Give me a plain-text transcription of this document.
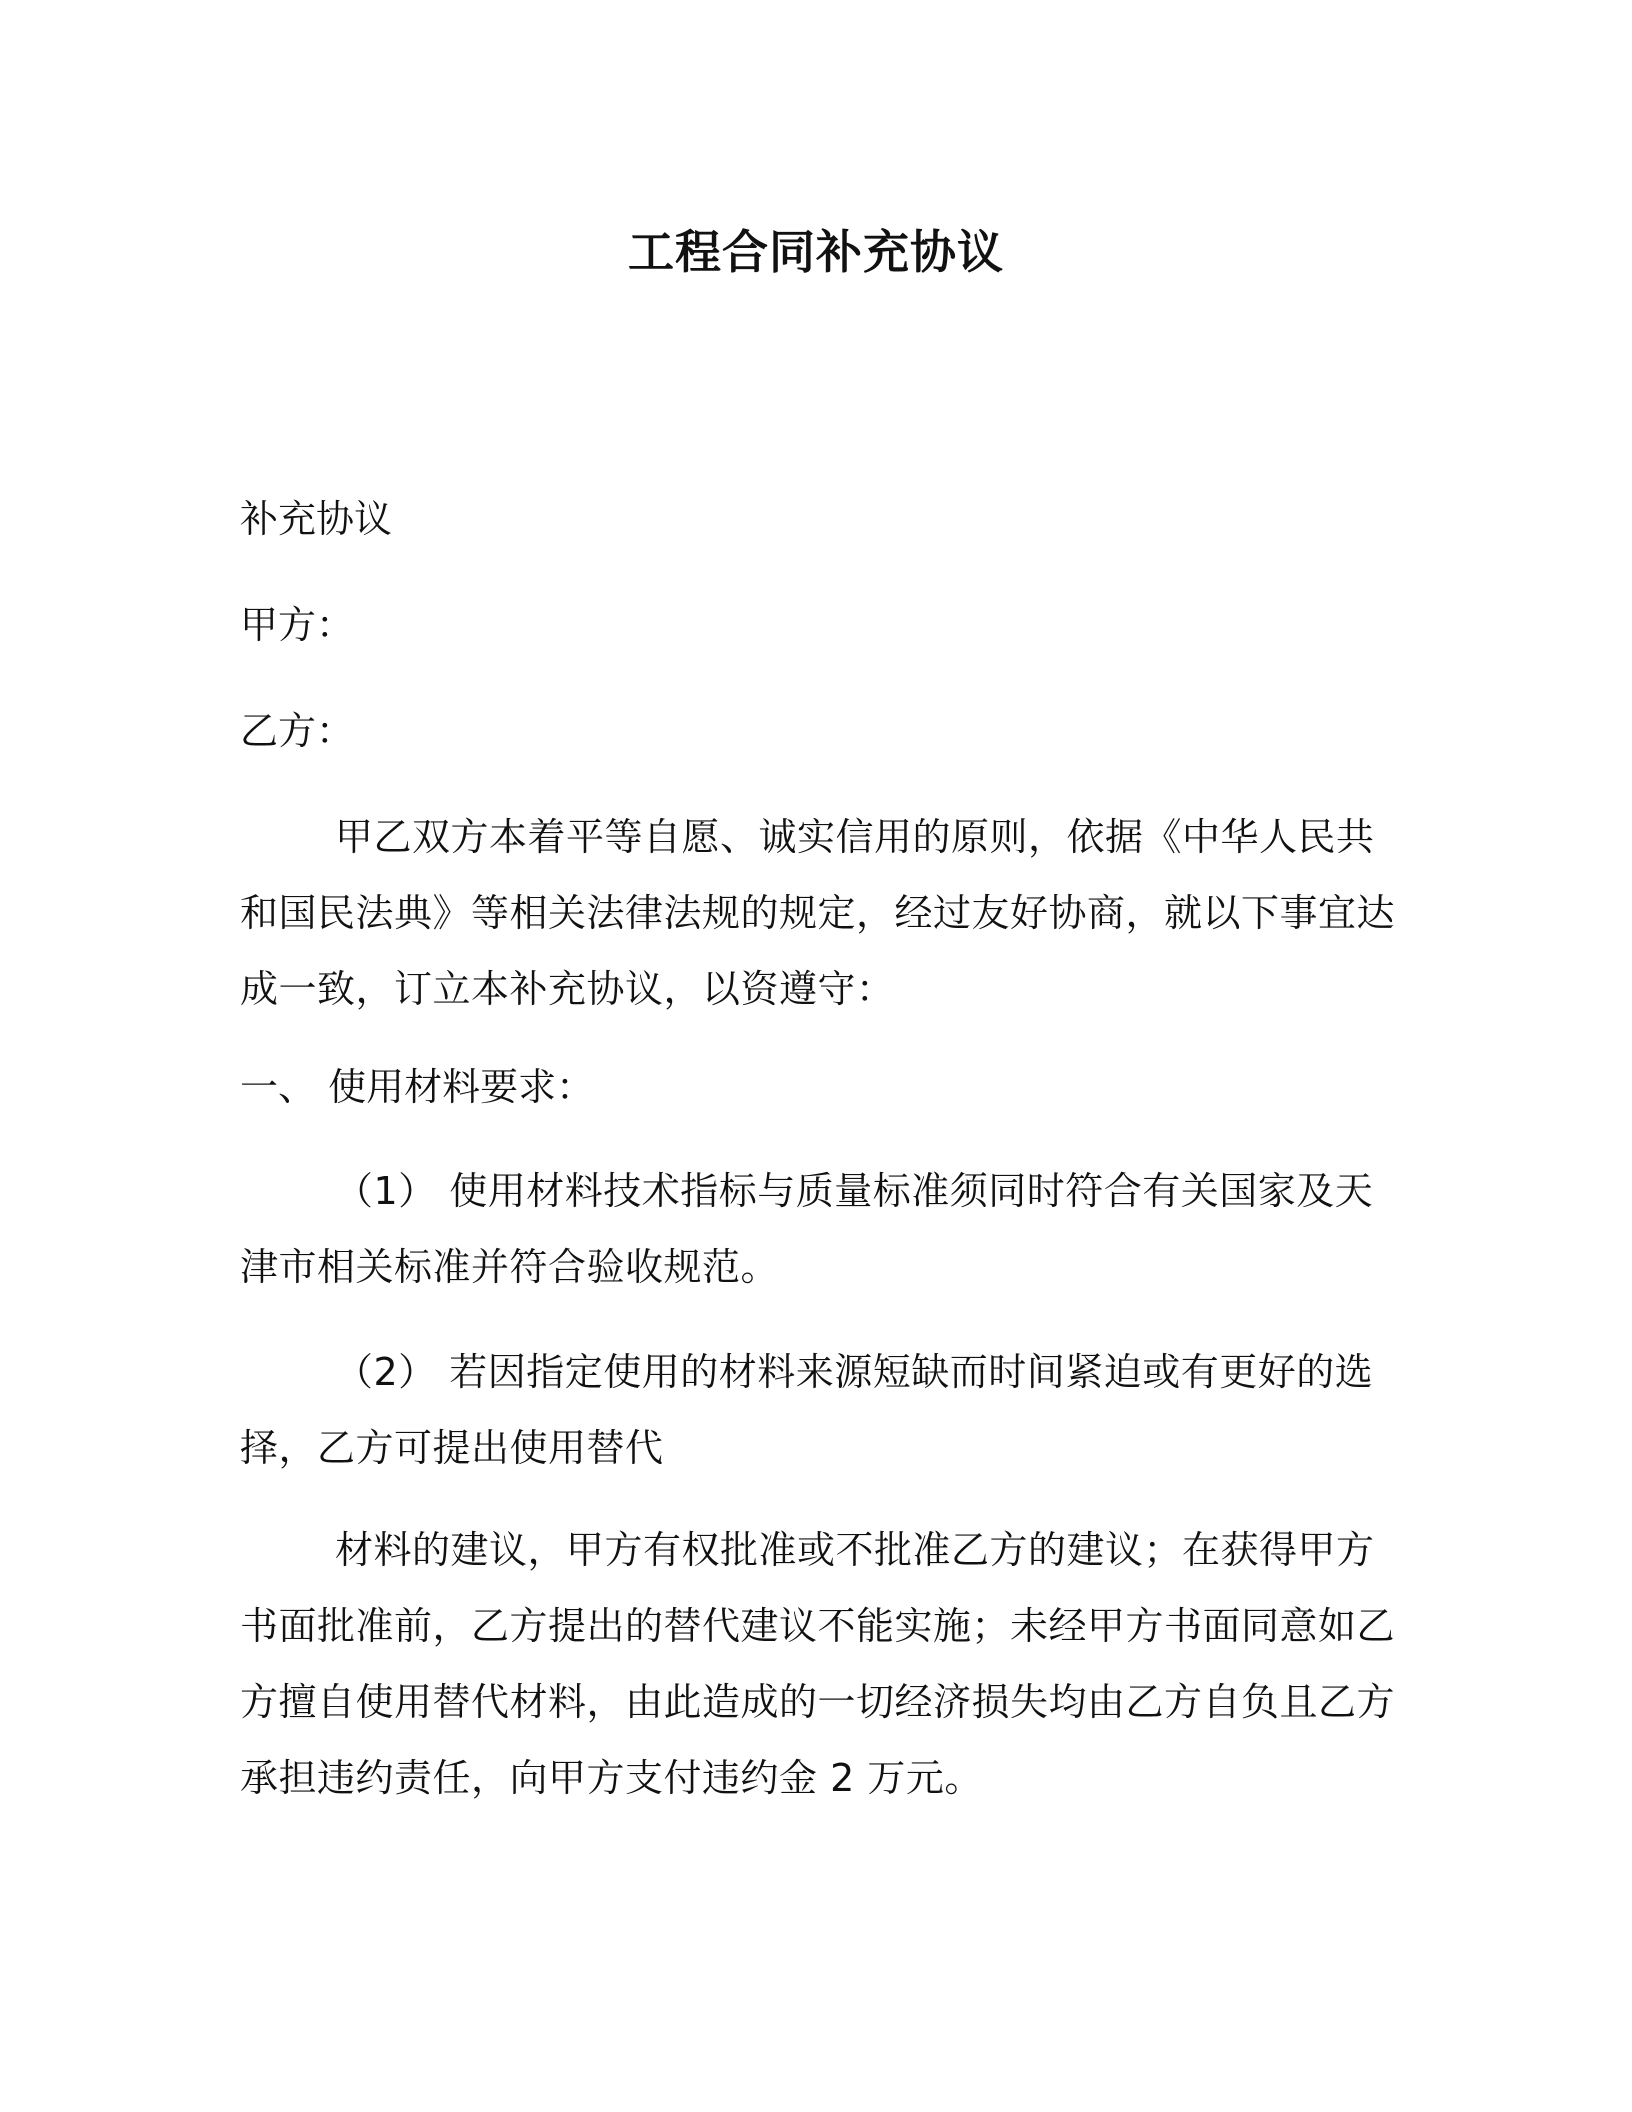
工程合同补充协议

补充协议

甲方：

乙方：

甲乙双方本着平等自愿、诚实信用的原则，依据《中华人民共和国民法典》等相关法律法规的规定，经过友好协商，就以下事宜达成一致，订立本补充协议，以资遵守：

一、 使用材料要求：

（1） 使用材料技术指标与质量标准须同时符合有关国家及天津市相关标准并符合验收规范。

（2） 若因指定使用的材料来源短缺而时间紧迫或有更好的选择，乙方可提出使用替代

材料的建议，甲方有权批准或不批准乙方的建议；在获得甲方书面批准前，乙方提出的替代建议不能实施；未经甲方书面同意如乙方擅自使用替代材料，由此造成的一切经济损失均由乙方自负且乙方承担违约责任，向甲方支付违约金 2 万元。
